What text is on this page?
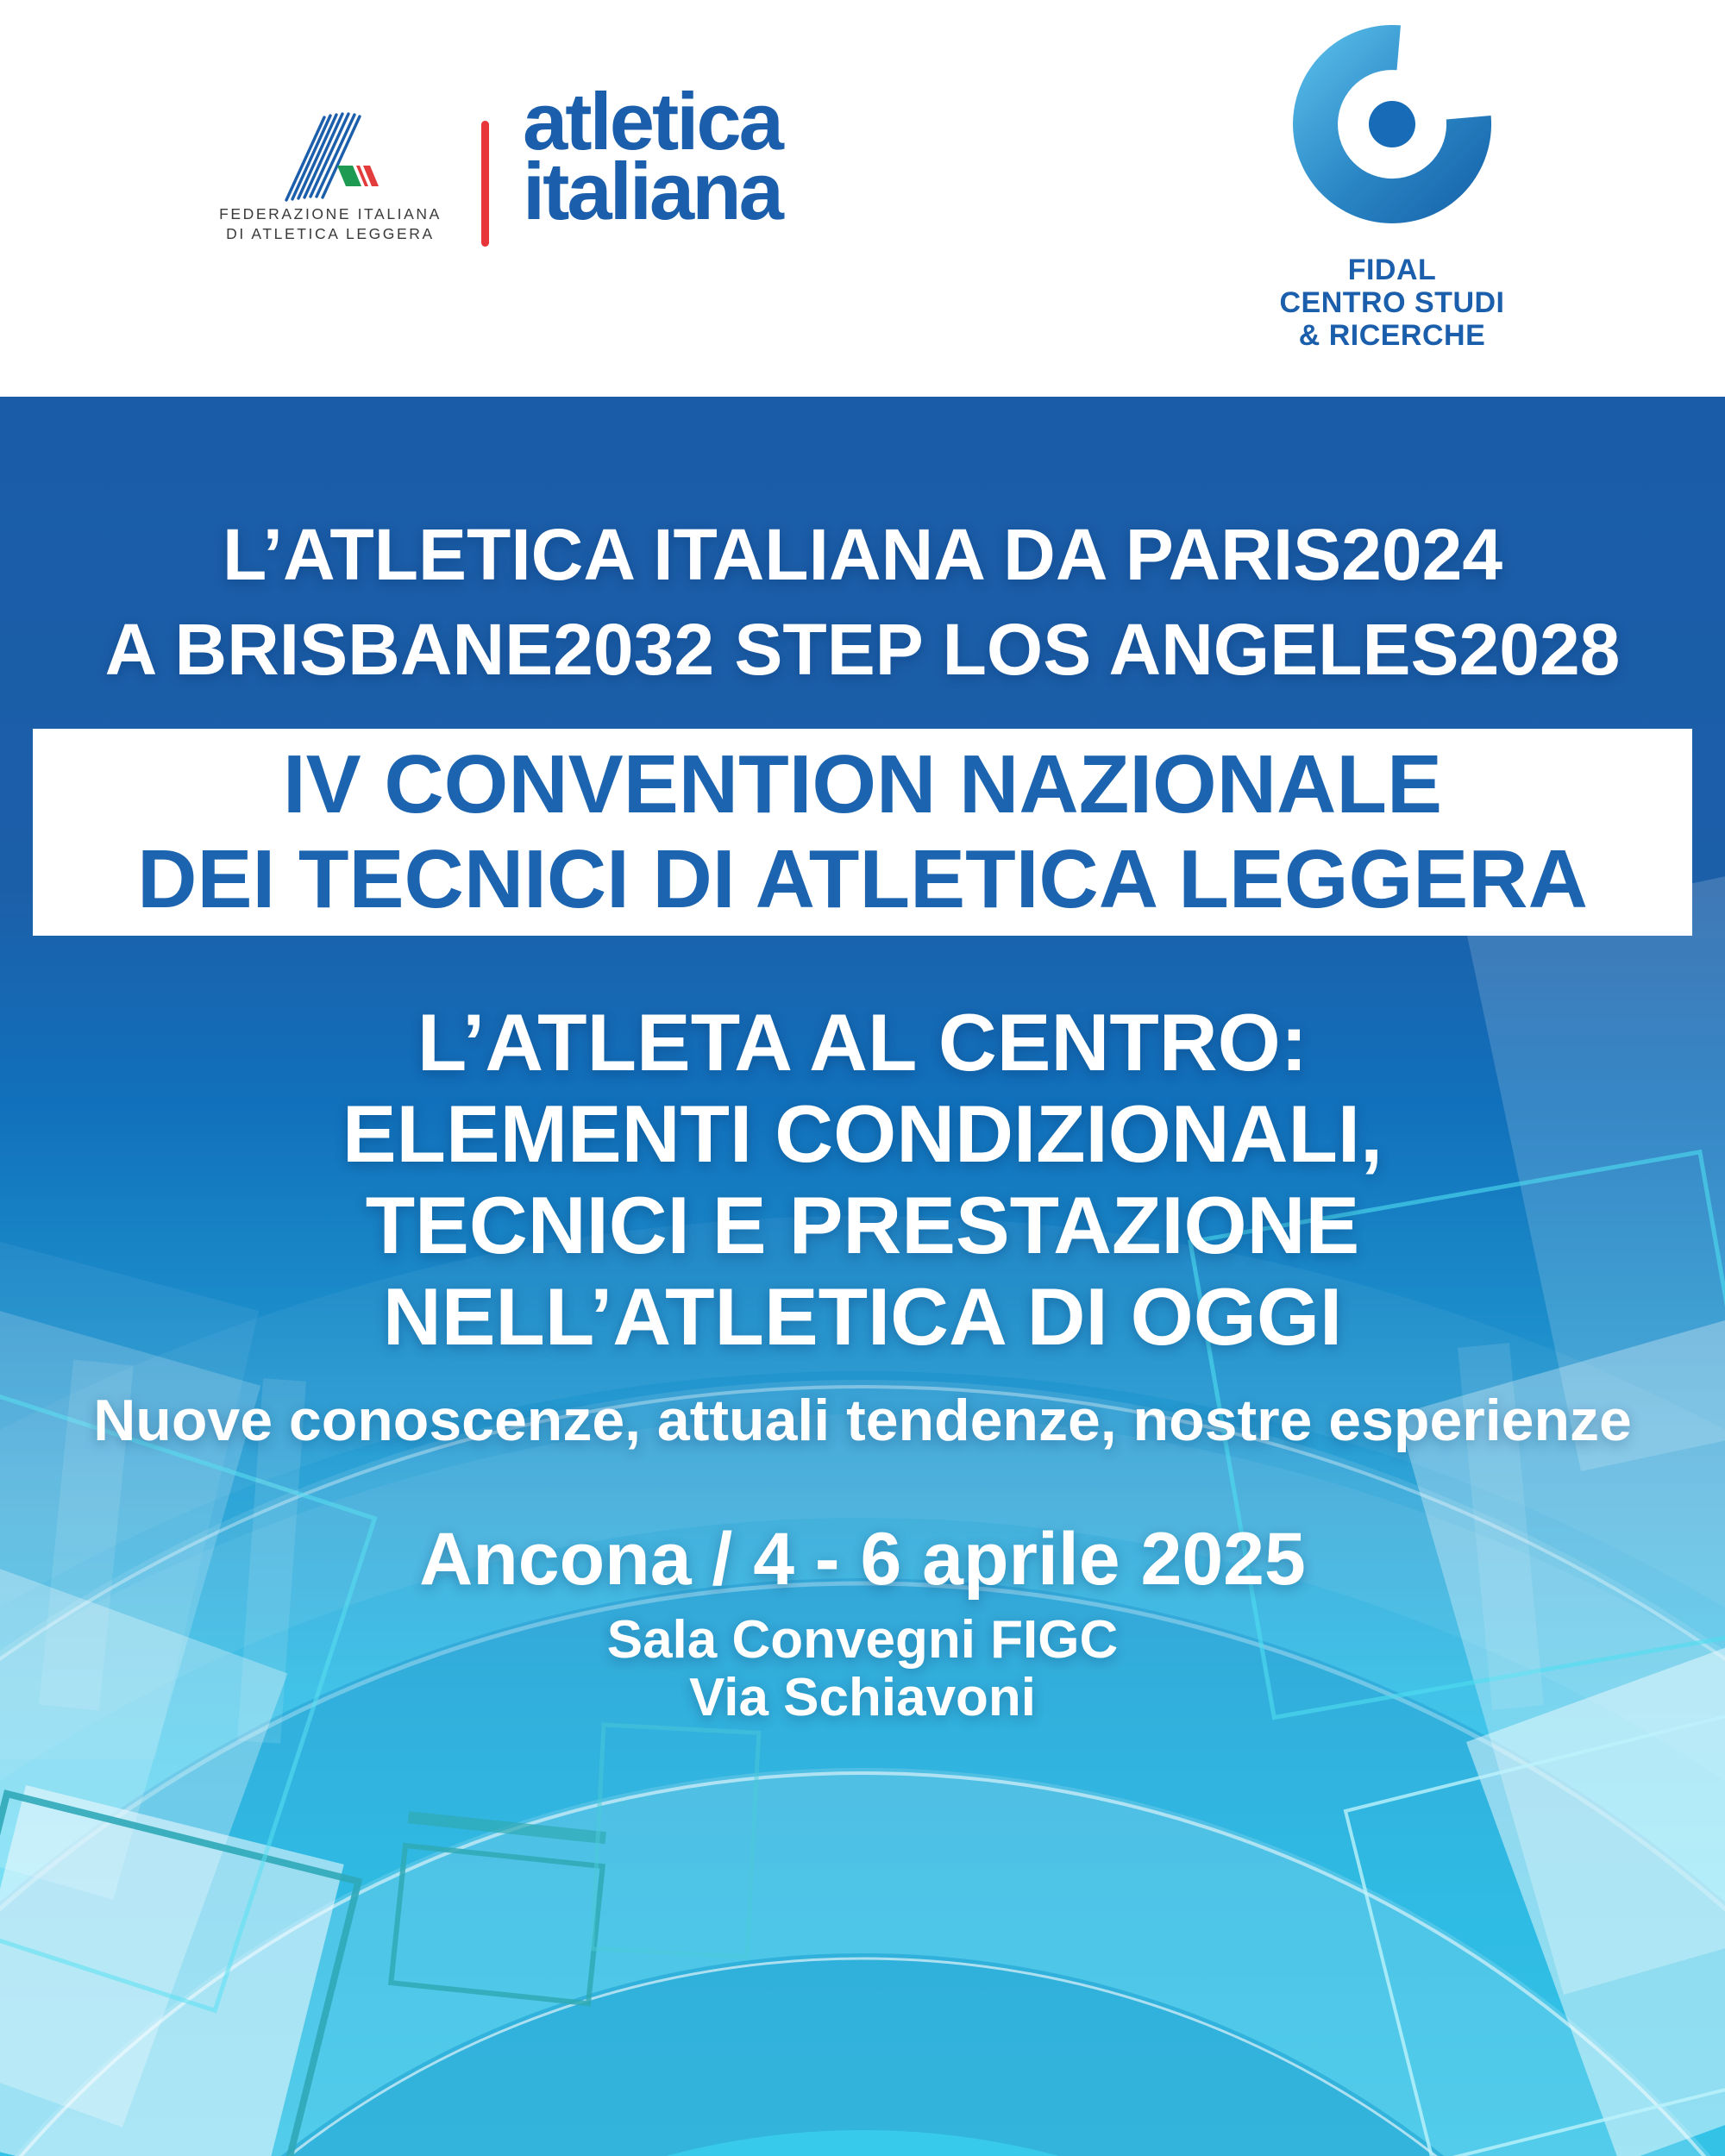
FEDERAZIONE ITALIANA
DI ATLETICA LEGGERA
atletica
italiana
FIDAL
CENTRO STUDI
& RICERCHE
L’ATLETICA ITALIANA DA PARIS2024
A BRISBANE2032 STEP LOS ANGELES2028
IV CONVENTION NAZIONALE
DEI TECNICI DI ATLETICA LEGGERA
L’ATLETA AL CENTRO:
ELEMENTI CONDIZIONALI,
TECNICI E PRESTAZIONE
NELL’ATLETICA DI OGGI
Nuove conoscenze, attuali tendenze, nostre esperienze
Ancona / 4 - 6 aprile 2025
Sala Convegni FIGC
Via Schiavoni
